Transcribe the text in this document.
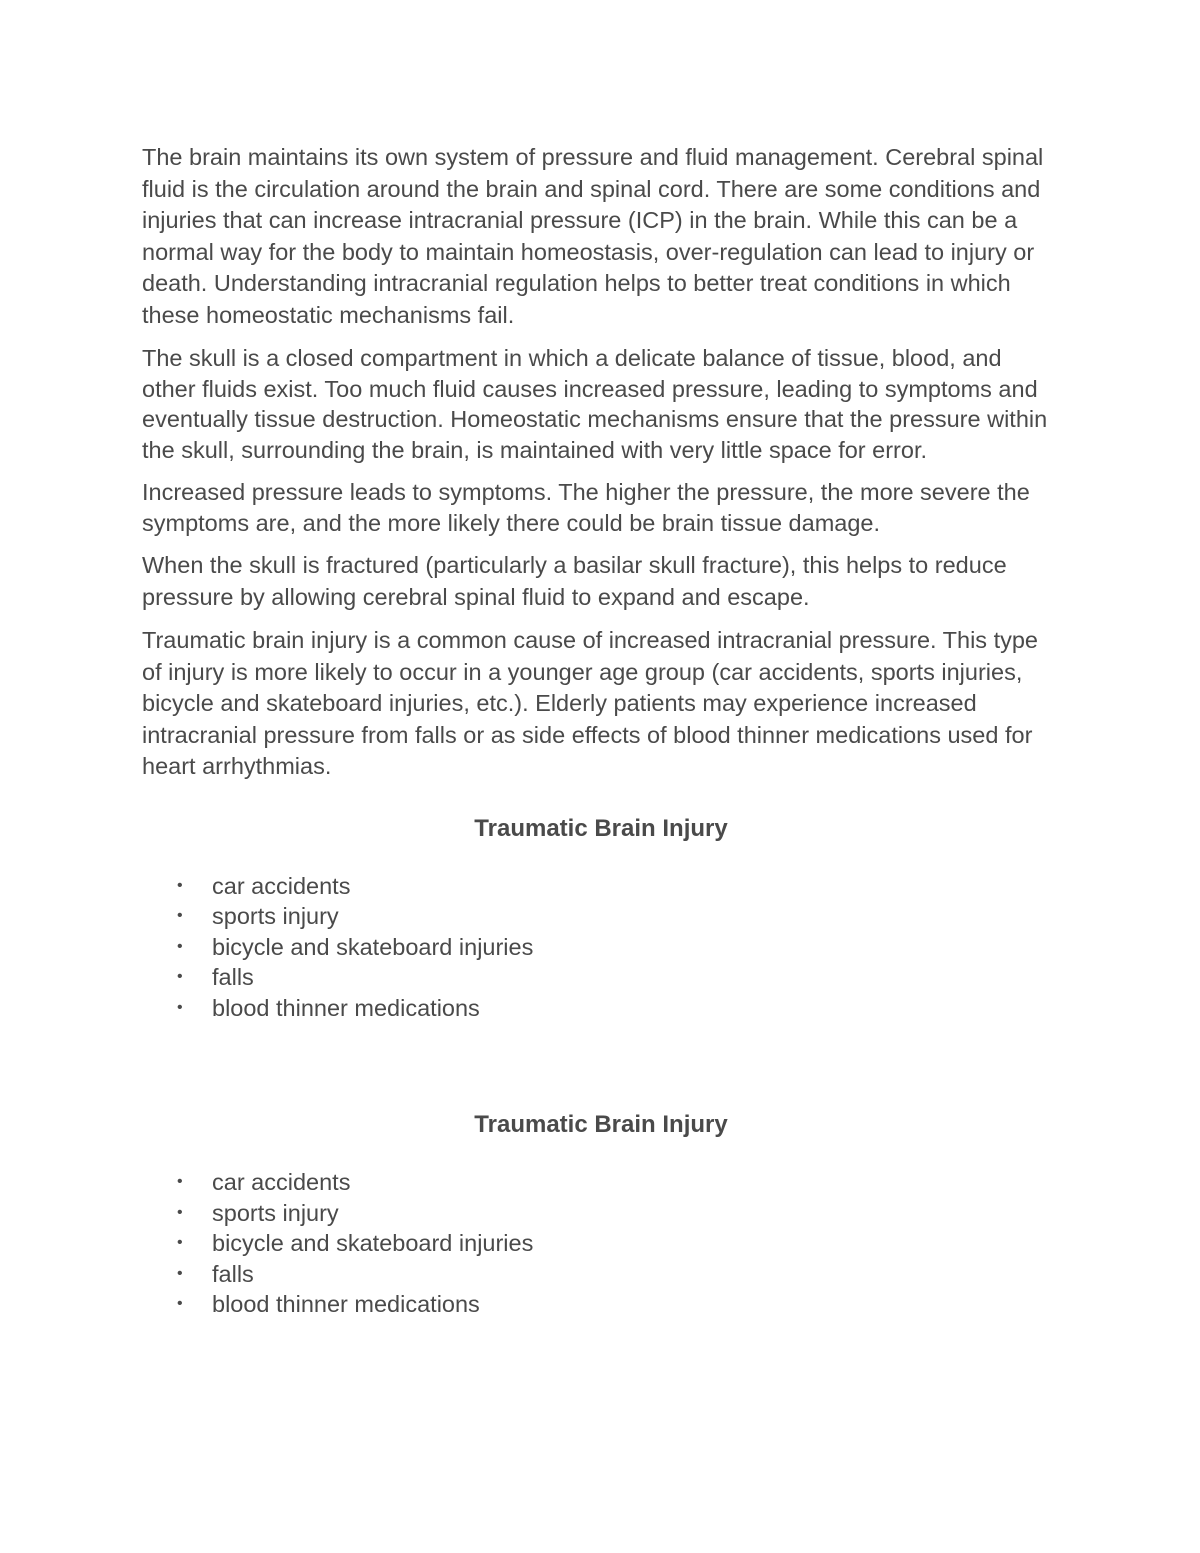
The brain maintains its own system of pressure and fluid management. Cerebral spinal fluid is the circulation around the brain and spinal cord. There are some conditions and injuries that can increase intracranial pressure (ICP) in the brain. While this can be a normal way for the body to maintain homeostasis, over-regulation can lead to injury or death. Understanding intracranial regulation helps to better treat conditions in which these homeostatic mechanisms fail.

The skull is a closed compartment in which a delicate balance of tissue, blood, and other fluids exist. Too much fluid causes increased pressure, leading to symptoms and eventually tissue destruction. Homeostatic mechanisms ensure that the pressure within the skull, surrounding the brain, is maintained with very little space for error.

Increased pressure leads to symptoms. The higher the pressure, the more severe the symptoms are, and the more likely there could be brain tissue damage.

When the skull is fractured (particularly a basilar skull fracture), this helps to reduce pressure by allowing cerebral spinal fluid to expand and escape.

Traumatic brain injury is a common cause of increased intracranial pressure. This type of injury is more likely to occur in a younger age group (car accidents, sports injuries, bicycle and skateboard injuries, etc.). Elderly patients may experience increased intracranial pressure from falls or as side effects of blood thinner medications used for heart arrhythmias.

Traumatic Brain Injury
• car accidents
• sports injury
• bicycle and skateboard injuries
• falls
• blood thinner medications
Traumatic Brain Injury
• car accidents
• sports injury
• bicycle and skateboard injuries
• falls
• blood thinner medications
